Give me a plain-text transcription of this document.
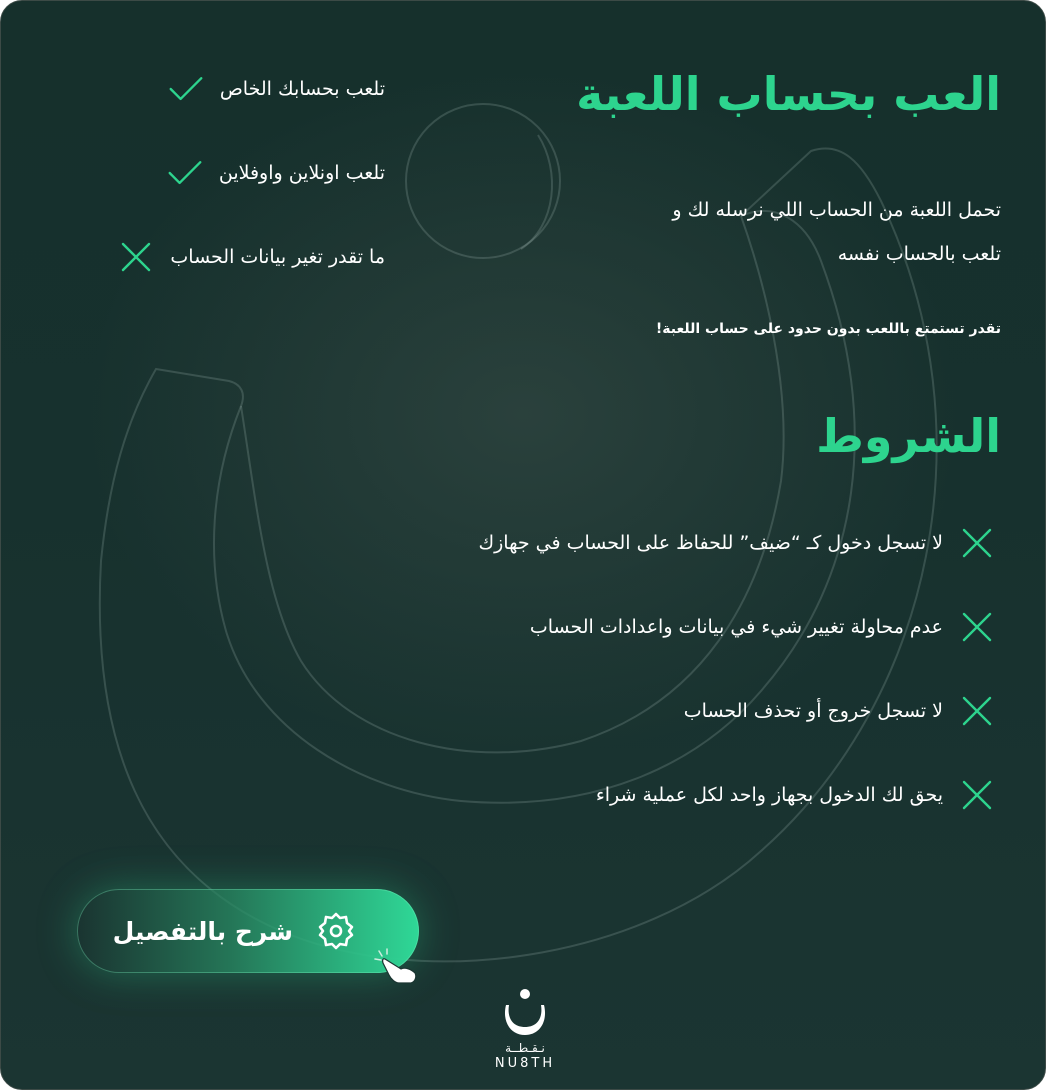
العب بحساب اللعبة

تحمل اللعبة من الحساب اللي نرسله لك و

تلعب بالحساب نفسه

تقدر تستمتع باللعب بدون حدود على حساب اللعبة!
تلعب بحسابك الخاص
تلعب اونلاين واوفلاين
ما تقدر تغير بيانات الحساب
الشروط
لا تسجل دخول كـ “ضيف” للحفاظ على الحساب في جهازك
عدم محاولة تغيير شيء في بيانات واعدادات الحساب
لا تسجل خروج أو تحذف الحساب
يحق لك الدخول بجهاز واحد لكل عملية شراء
شرح بالتفصيل
نـقـطــة
NU8TH
